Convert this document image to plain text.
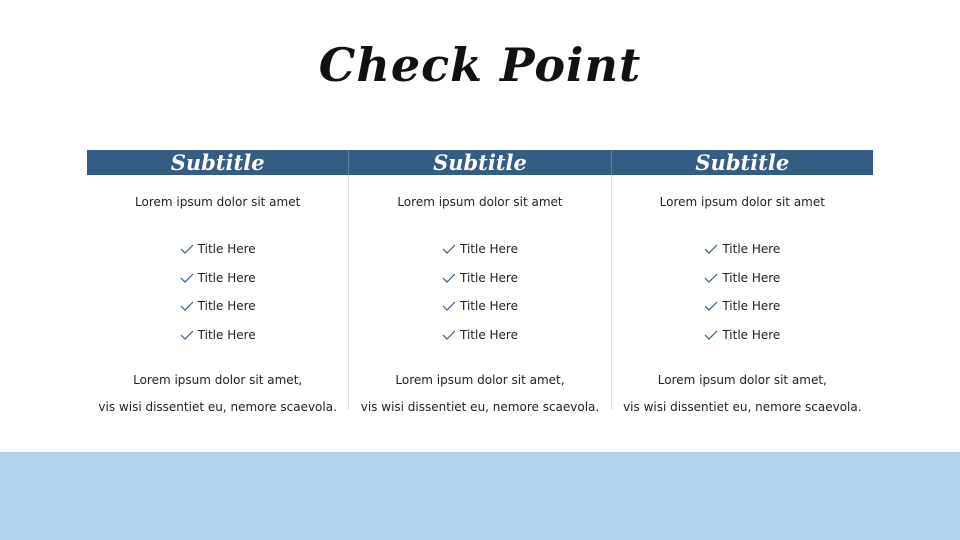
Check Point
Subtitle
Lorem ipsum dolor sit amet
Title Here
Title Here
Title Here
Title Here
Lorem ipsum dolor sit amet,
vis wisi dissentiet eu, nemore scaevola.
Subtitle
Lorem ipsum dolor sit amet
Title Here
Title Here
Title Here
Title Here
Lorem ipsum dolor sit amet,
vis wisi dissentiet eu, nemore scaevola.
Subtitle
Lorem ipsum dolor sit amet
Title Here
Title Here
Title Here
Title Here
Lorem ipsum dolor sit amet,
vis wisi dissentiet eu, nemore scaevola.
